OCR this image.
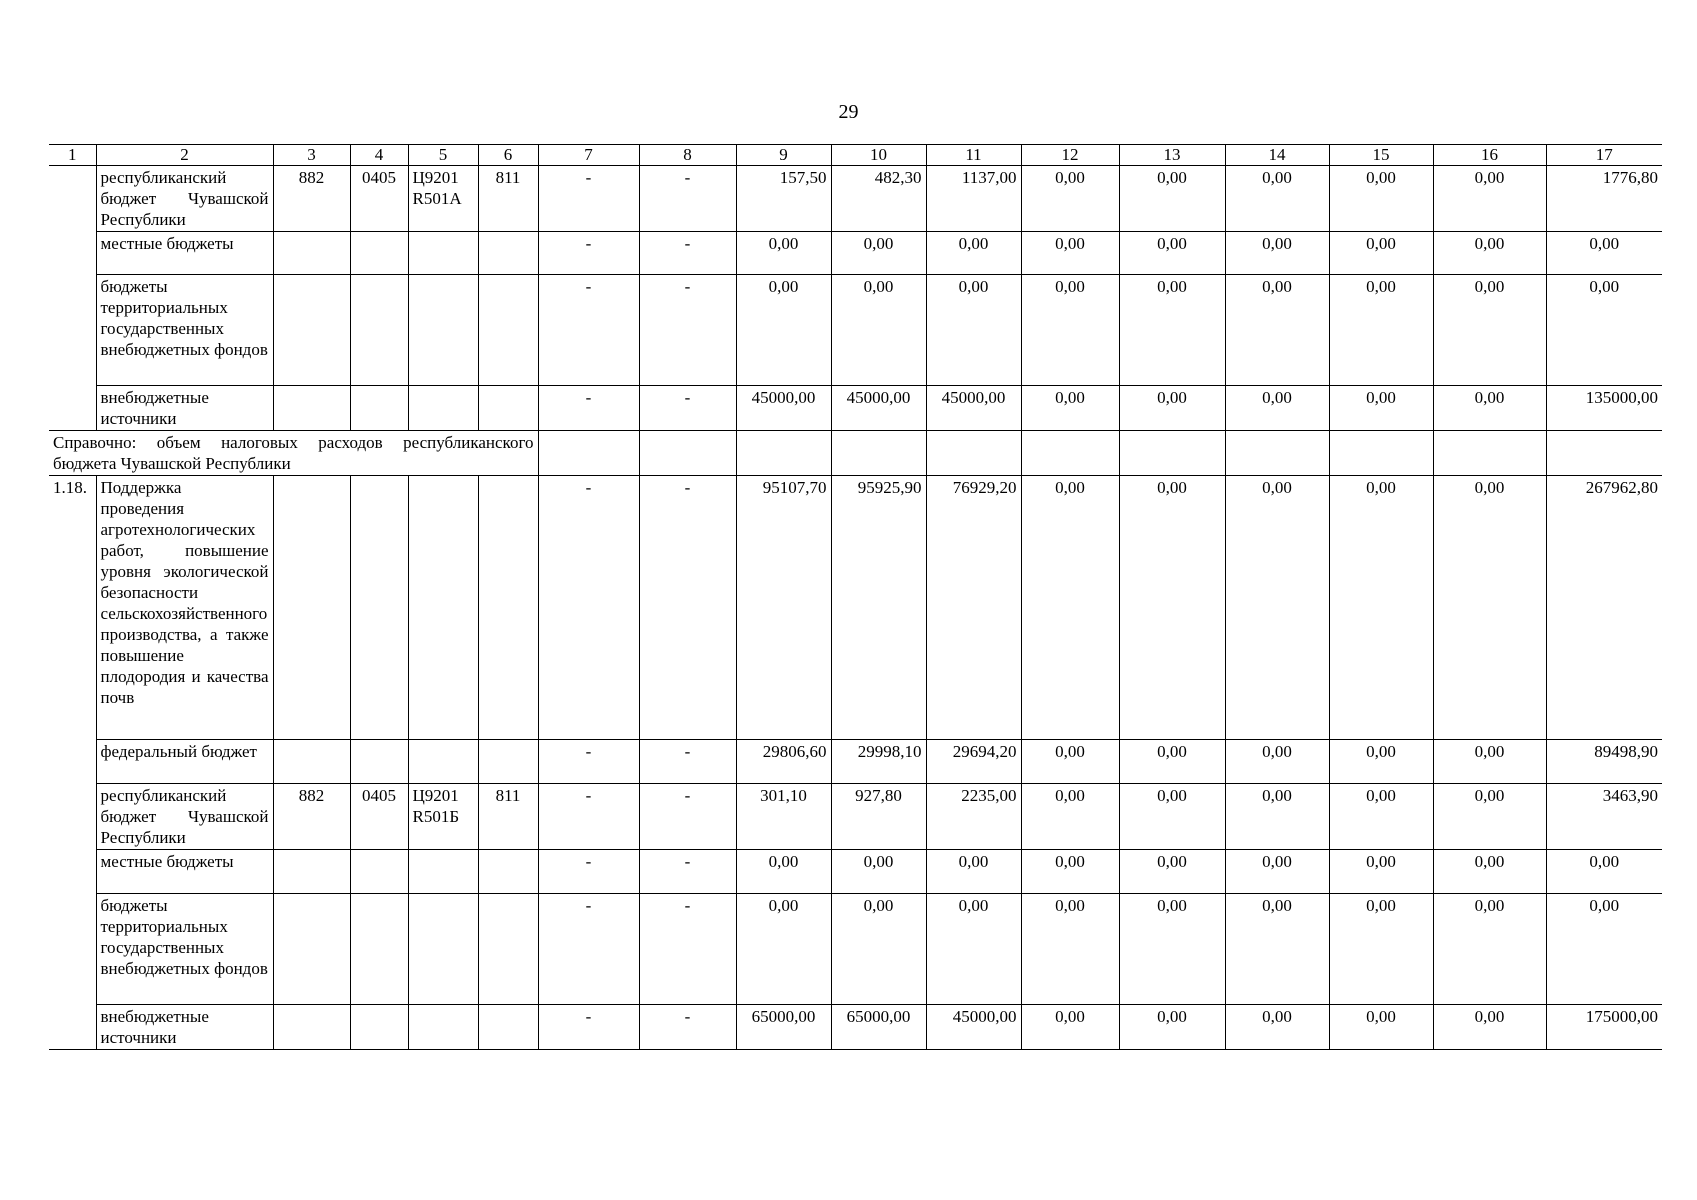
29
1	2	3	4	5	6	7	8	9	10	11	12	13	14	15	16	17
	республиканский бюджет Чувашской Республики	882	0405	Ц9201 R501А	811	-	-	157,50	482,30	1137,00	0,00	0,00	0,00	0,00	0,00	1776,80
	местные бюджеты					-	-	0,00	0,00	0,00	0,00	0,00	0,00	0,00	0,00	0,00
	бюджеты территориальных государственных внебюджетных фондов					-	-	0,00	0,00	0,00	0,00	0,00	0,00	0,00	0,00	0,00
	внебюджетные источники					-	-	45000,00	45000,00	45000,00	0,00	0,00	0,00	0,00	0,00	135000,00
Справочно: объем налоговых расходов республиканского бюджета Чувашской Республики																
1.18.	Поддержка проведения агротехнологических работ, повышение уровня экологической безопасности сельскохозяйственного производства, а также повышение плодородия и качества почв					-	-	95107,70	95925,90	76929,20	0,00	0,00	0,00	0,00	0,00	267962,80
	федеральный бюджет					-	-	29806,60	29998,10	29694,20	0,00	0,00	0,00	0,00	0,00	89498,90
	республиканский бюджет Чувашской Республики	882	0405	Ц9201 R501Б	811	-	-	301,10	927,80	2235,00	0,00	0,00	0,00	0,00	0,00	3463,90
	местные бюджеты					-	-	0,00	0,00	0,00	0,00	0,00	0,00	0,00	0,00	0,00
	бюджеты территориальных государственных внебюджетных фондов					-	-	0,00	0,00	0,00	0,00	0,00	0,00	0,00	0,00	0,00
	внебюджетные источники					-	-	65000,00	65000,00	45000,00	0,00	0,00	0,00	0,00	0,00	175000,00
